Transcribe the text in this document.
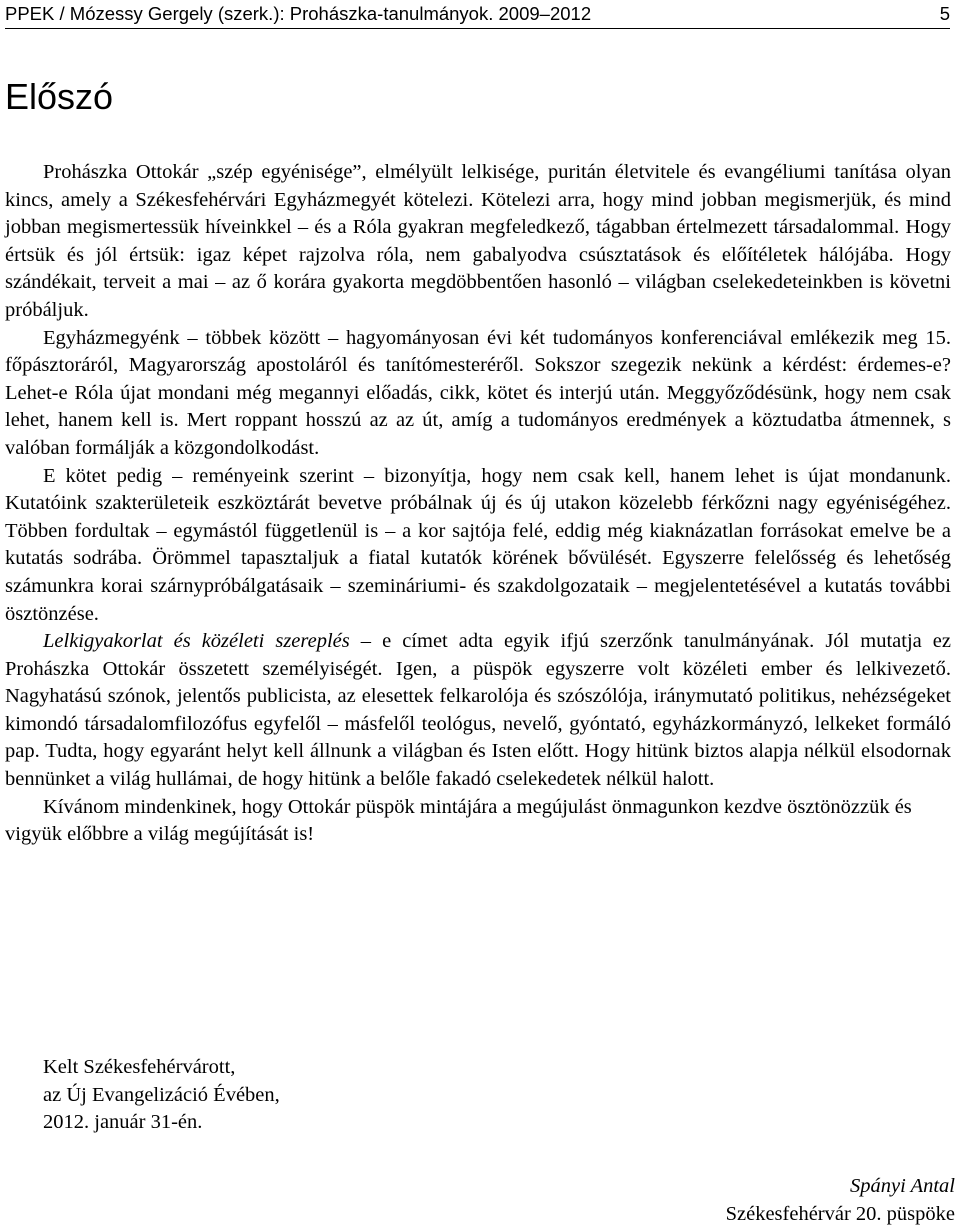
PPEK / Mózessy Gergely (szerk.): Prohászka-tanulmányok. 2009–2012	5
Előszó

Prohászka Ottokár „szép egyénisége”, elmélyült lelkiségе, puritán életvitele és evangéliumi tanítása olyan kincs, amely a Székesfehérvári Egyházmegyét kötelezi. Kötelezi arra, hogy mind jobban megismerjük, és mind jobban megismertessük híveinkkel – és a Róla gyakran megfeledkező, tágabban értelmezett társadalommal. Hogy értsük és jól értsük: igaz képet rajzolva róla, nem gabalyodva csúsztatások és előítéletek hálójába. Hogy szándékait, terveit a mai – az ő korára gyakorta megdöbbentően hasonló – világban cselekedeteinkben is követni próbáljuk.

Egyházmegyénk – többek között – hagyományosan évi két tudományos konferenciával emlékezik meg 15. főpásztoráról, Magyarország apostoláról és tanítómesteréről. Sokszor szegezik nekünk a kérdést: érdemes-e? Lehet-e Róla újat mondani még megannyi előadás, cikk, kötet és interjú után. Meggyőződésünk, hogy nem csak lehet, hanem kell is. Mert roppant hosszú az az út, amíg a tudományos eredmények a köztudatba átmennek, s valóban formálják a közgondolkodást.

E kötet pedig – reményeink szerint – bizonyítja, hogy nem csak kell, hanem lehet is újat mondanunk. Kutatóink szakterületeik eszköztárát bevetve próbálnak új és új utakon közelebb férkőzni nagy egyéniségéhez. Többen fordultak – egymástól függetlenül is – a kor sajtója felé, eddig még kiaknázatlan forrásokat emelve be a kutatás sodrába. Örömmel tapasztaljuk a fiatal kutatók körének bővülését. Egyszerre felelősség és lehetőség számunkra korai szárnypróbálgatásaik – szemináriumi- és szakdolgozataik – megjelentetésével a kutatás további ösztönzése.

Lelkigyakorlat és közéleti szereplés – e címet adta egyik ifjú szerzőnk tanulmányának. Jól mutatja ez Prohászka Ottokár összetett személyiségét. Igen, a püspök egyszerre volt közéleti ember és lelkivezető. Nagyhatású szónok, jelentős publicista, az elesettek felkarolója és szószólója, iránymutató politikus, nehézségeket kimondó társadalomfilozófus egyfelől – másfelől teológus, nevelő, gyóntató, egyházkormányzó, lelkeket formáló pap. Tudta, hogy egyaránt helyt kell állnunk a világban és Isten előtt. Hogy hitünk biztos alapja nélkül elsodornak bennünket a világ hullámai, de hogy hitünk a belőle fakadó cselekedetek nélkül halott.

Kívánom mindenkinek, hogy Ottokár püspök mintájára a megújulást önmagunkon kezdve ösztönözzük és vigyük előbbre a világ megújítását is!

Kelt Székesfehérvárott,
az Új Evangelizáció Évében,
2012. január 31-én.
Spányi Antal
Székesfehérvár 20. püspöke
